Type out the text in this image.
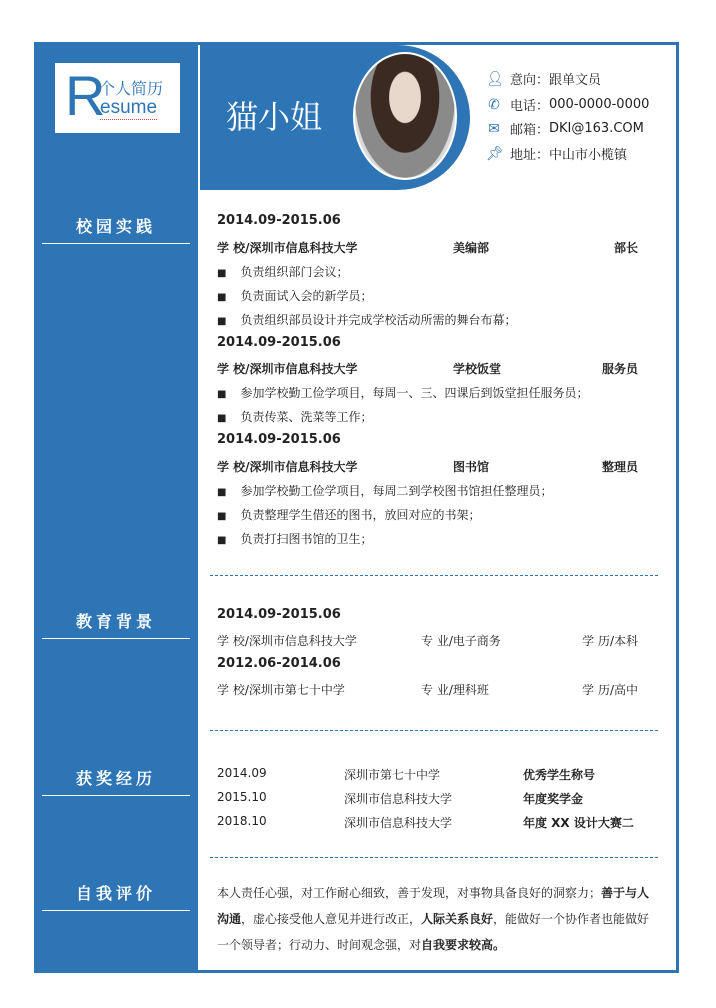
R
个人简历
esume
校园实践
教育背景
获奖经历
自我评价
猫小姐
👤︎ 意向： 跟单文员
✆ 电话： 000-0000-0000
✉ 邮箱： DKI@163.COM
📌︎ 地址： 中山市小榄镇
2014.09-2015.06
学 校/深圳市信息科技大学	美编部	部长
■ 负责组织部门会议；
■ 负责面试入会的新学员；
■ 负责组织部员设计并完成学校活动所需的舞台布幕；
2014.09-2015.06
学 校/深圳市信息科技大学	学校饭堂	服务员
■ 参加学校勤工俭学项目，每周一、三、四课后到饭堂担任服务员；
■ 负责传菜、洗菜等工作；
2014.09-2015.06
学 校/深圳市信息科技大学	图书馆	整理员
■ 参加学校勤工俭学项目，每周二到学校图书馆担任整理员；
■ 负责整理学生借还的图书，放回对应的书架；
■ 负责打扫图书馆的卫生；
2014.09-2015.06
学 校/深圳市信息科技大学	专 业/电子商务	学 历/本科
2012.06-2014.06
学 校/深圳市第七十中学	专 业/理科班	学 历/高中
2014.09	深圳市第七十中学	优秀学生称号
2015.10	深圳市信息科技大学	年度奖学金
2018.10	深圳市信息科技大学	年度 XX 设计大赛二
本人责任心强，对工作耐心细致，善于发现，对事物具备良好的洞察力；善于与人沟通，虚心接受他人意见并进行改正，人际关系良好，能做好一个协作者也能做好一个领导者；行动力、时间观念强，对自我要求较高。
